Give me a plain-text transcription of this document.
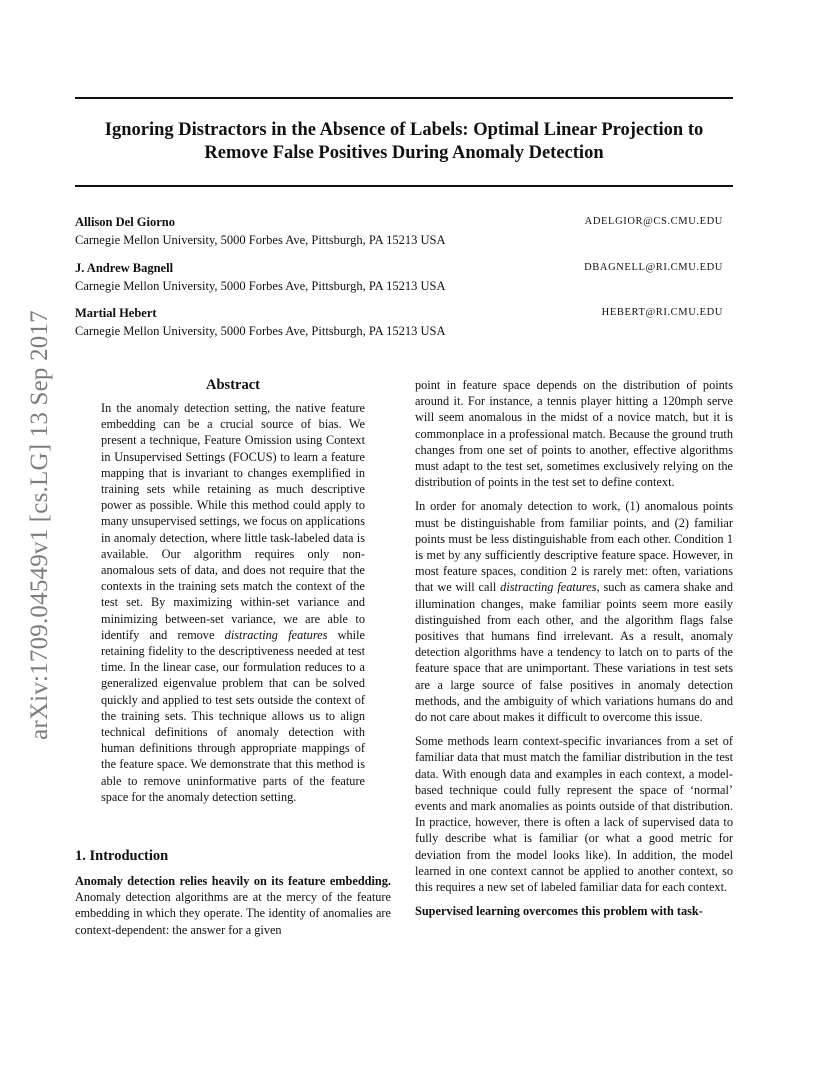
Ignoring Distractors in the Absence of Labels: Optimal Linear Projection to
Remove False Positives During Anomaly Detection
Allison Del Giorno	ADELGIOR@CS.CMU.EDU
Carnegie Mellon University, 5000 Forbes Ave, Pittsburgh, PA 15213 USA
J. Andrew Bagnell	DBAGNELL@RI.CMU.EDU
Carnegie Mellon University, 5000 Forbes Ave, Pittsburgh, PA 15213 USA
Martial Hebert	HEBERT@RI.CMU.EDU
Carnegie Mellon University, 5000 Forbes Ave, Pittsburgh, PA 15213 USA
arXiv:1709.04549v1 [cs.LG] 13 Sep 2017	Abstract
In the anomaly detection setting, the native feature embedding can be a crucial source of bias. We present a technique, Feature Omission using Context in Unsupervised Settings (FOCUS) to learn a feature mapping that is invariant to changes exemplified in training sets while retaining as much descriptive power as possible. While this method could apply to many unsupervised settings, we focus on applications in anomaly detection, where little task-labeled data is available. Our algorithm requires only non-anomalous sets of data, and does not require that the contexts in the training sets match the context of the test set. By maximizing within-set variance and minimizing between-set variance, we are able to identify and remove distracting features while retaining fidelity to the descriptiveness needed at test time. In the linear case, our formulation reduces to a generalized eigenvalue problem that can be solved quickly and applied to test sets outside the context of the training sets. This technique allows us to align technical definitions of anomaly detection with human definitions through appropriate mappings of the feature space. We demonstrate that this method is able to remove uninformative parts of the feature space for the anomaly detection setting.
1. Introduction

Anomaly detection relies heavily on its feature embedding. Anomaly detection algorithms are at the mercy of the feature embedding in which they operate. The identity of anomalies are context-dependent: the answer for a given

point in feature space depends on the distribution of points around it. For instance, a tennis player hitting a 120mph serve will seem anomalous in the midst of a novice match, but it is commonplace in a professional match. Because the ground truth changes from one set of points to another, effective algorithms must adapt to the test set, sometimes exclusively relying on the distribution of points in the test set to define context.

In order for anomaly detection to work, (1) anomalous points must be distinguishable from familiar points, and (2) familiar points must be less distinguishable from each other. Condition 1 is met by any sufficiently descriptive feature space. However, in most feature spaces, condition 2 is rarely met: often, variations that we will call distracting features, such as camera shake and illumination changes, make familiar points seem more easily distinguished from each other, and the algorithm flags false positives that humans find irrelevant. As a result, anomaly detection algorithms have a tendency to latch on to parts of the feature space that are unimportant. These variations in test sets are a large source of false positives in anomaly detection methods, and the ambiguity of which variations humans do and do not care about makes it difficult to overcome this issue.

Some methods learn context-specific invariances from a set of familiar data that must match the familiar distribution in the test data. With enough data and examples in each context, a model-based technique could fully represent the space of ‘normal’ events and mark anomalies as points outside of that distribution. In practice, however, there is often a lack of supervised data to fully describe what is familiar (or what a good metric for deviation from the model looks like). In addition, the model learned in one context cannot be applied to another context, so this requires a new set of labeled familiar data for each context.

Supervised learning overcomes this problem with task-
